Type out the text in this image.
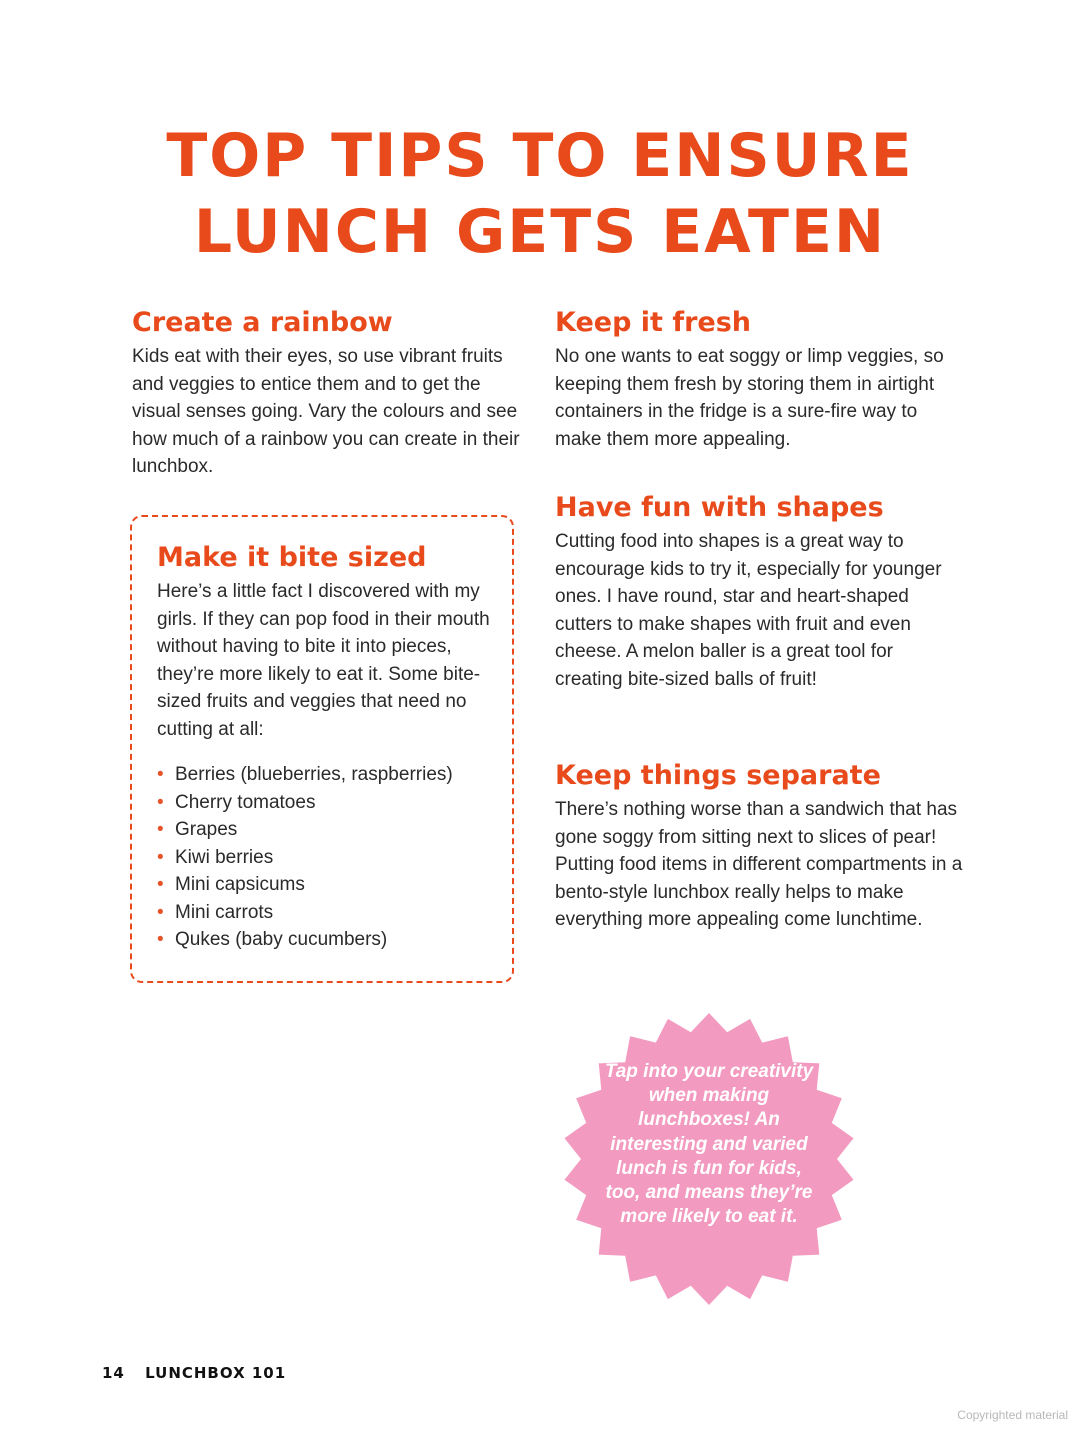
TOP TIPS TO ENSURE
LUNCH GETS EATEN
Create a rainbow

Kids eat with their eyes, so use vibrant fruits and veggies to entice them and to get the visual senses going. Vary the colours and see how much of a rainbow you can create in their lunchbox.

Make it bite sized

Here’s a little fact I discovered with my girls. If they can pop food in their mouth without having to bite it into pieces, they’re more likely to eat it. Some bite-sized fruits and veggies that need no cutting at all:

• Berries (blueberries, raspberries)
• Cherry tomatoes
• Grapes
• Kiwi berries
• Mini capsicums
• Mini carrots
• Qukes (baby cucumbers)
Keep it fresh

No one wants to eat soggy or limp veggies, so keeping them fresh by storing them in airtight containers in the fridge is a sure-fire way to make them more appealing.

Have fun with shapes

Cutting food into shapes is a great way to encourage kids to try it, especially for younger ones. I have round, star and heart-shaped cutters to make shapes with fruit and even cheese. A melon baller is a great tool for creating bite-sized balls of fruit!

Keep things separate

There’s nothing worse than a sandwich that has gone soggy from sitting next to slices of pear! Putting food items in different compartments in a bento-style lunchbox really helps to make everything more appealing come lunchtime.

Tap into your creativity when making lunchboxes! An interesting and varied lunch is fun for kids, too, and means they’re more likely to eat it.
14 LUNCHBOX 101
Copyrighted material
